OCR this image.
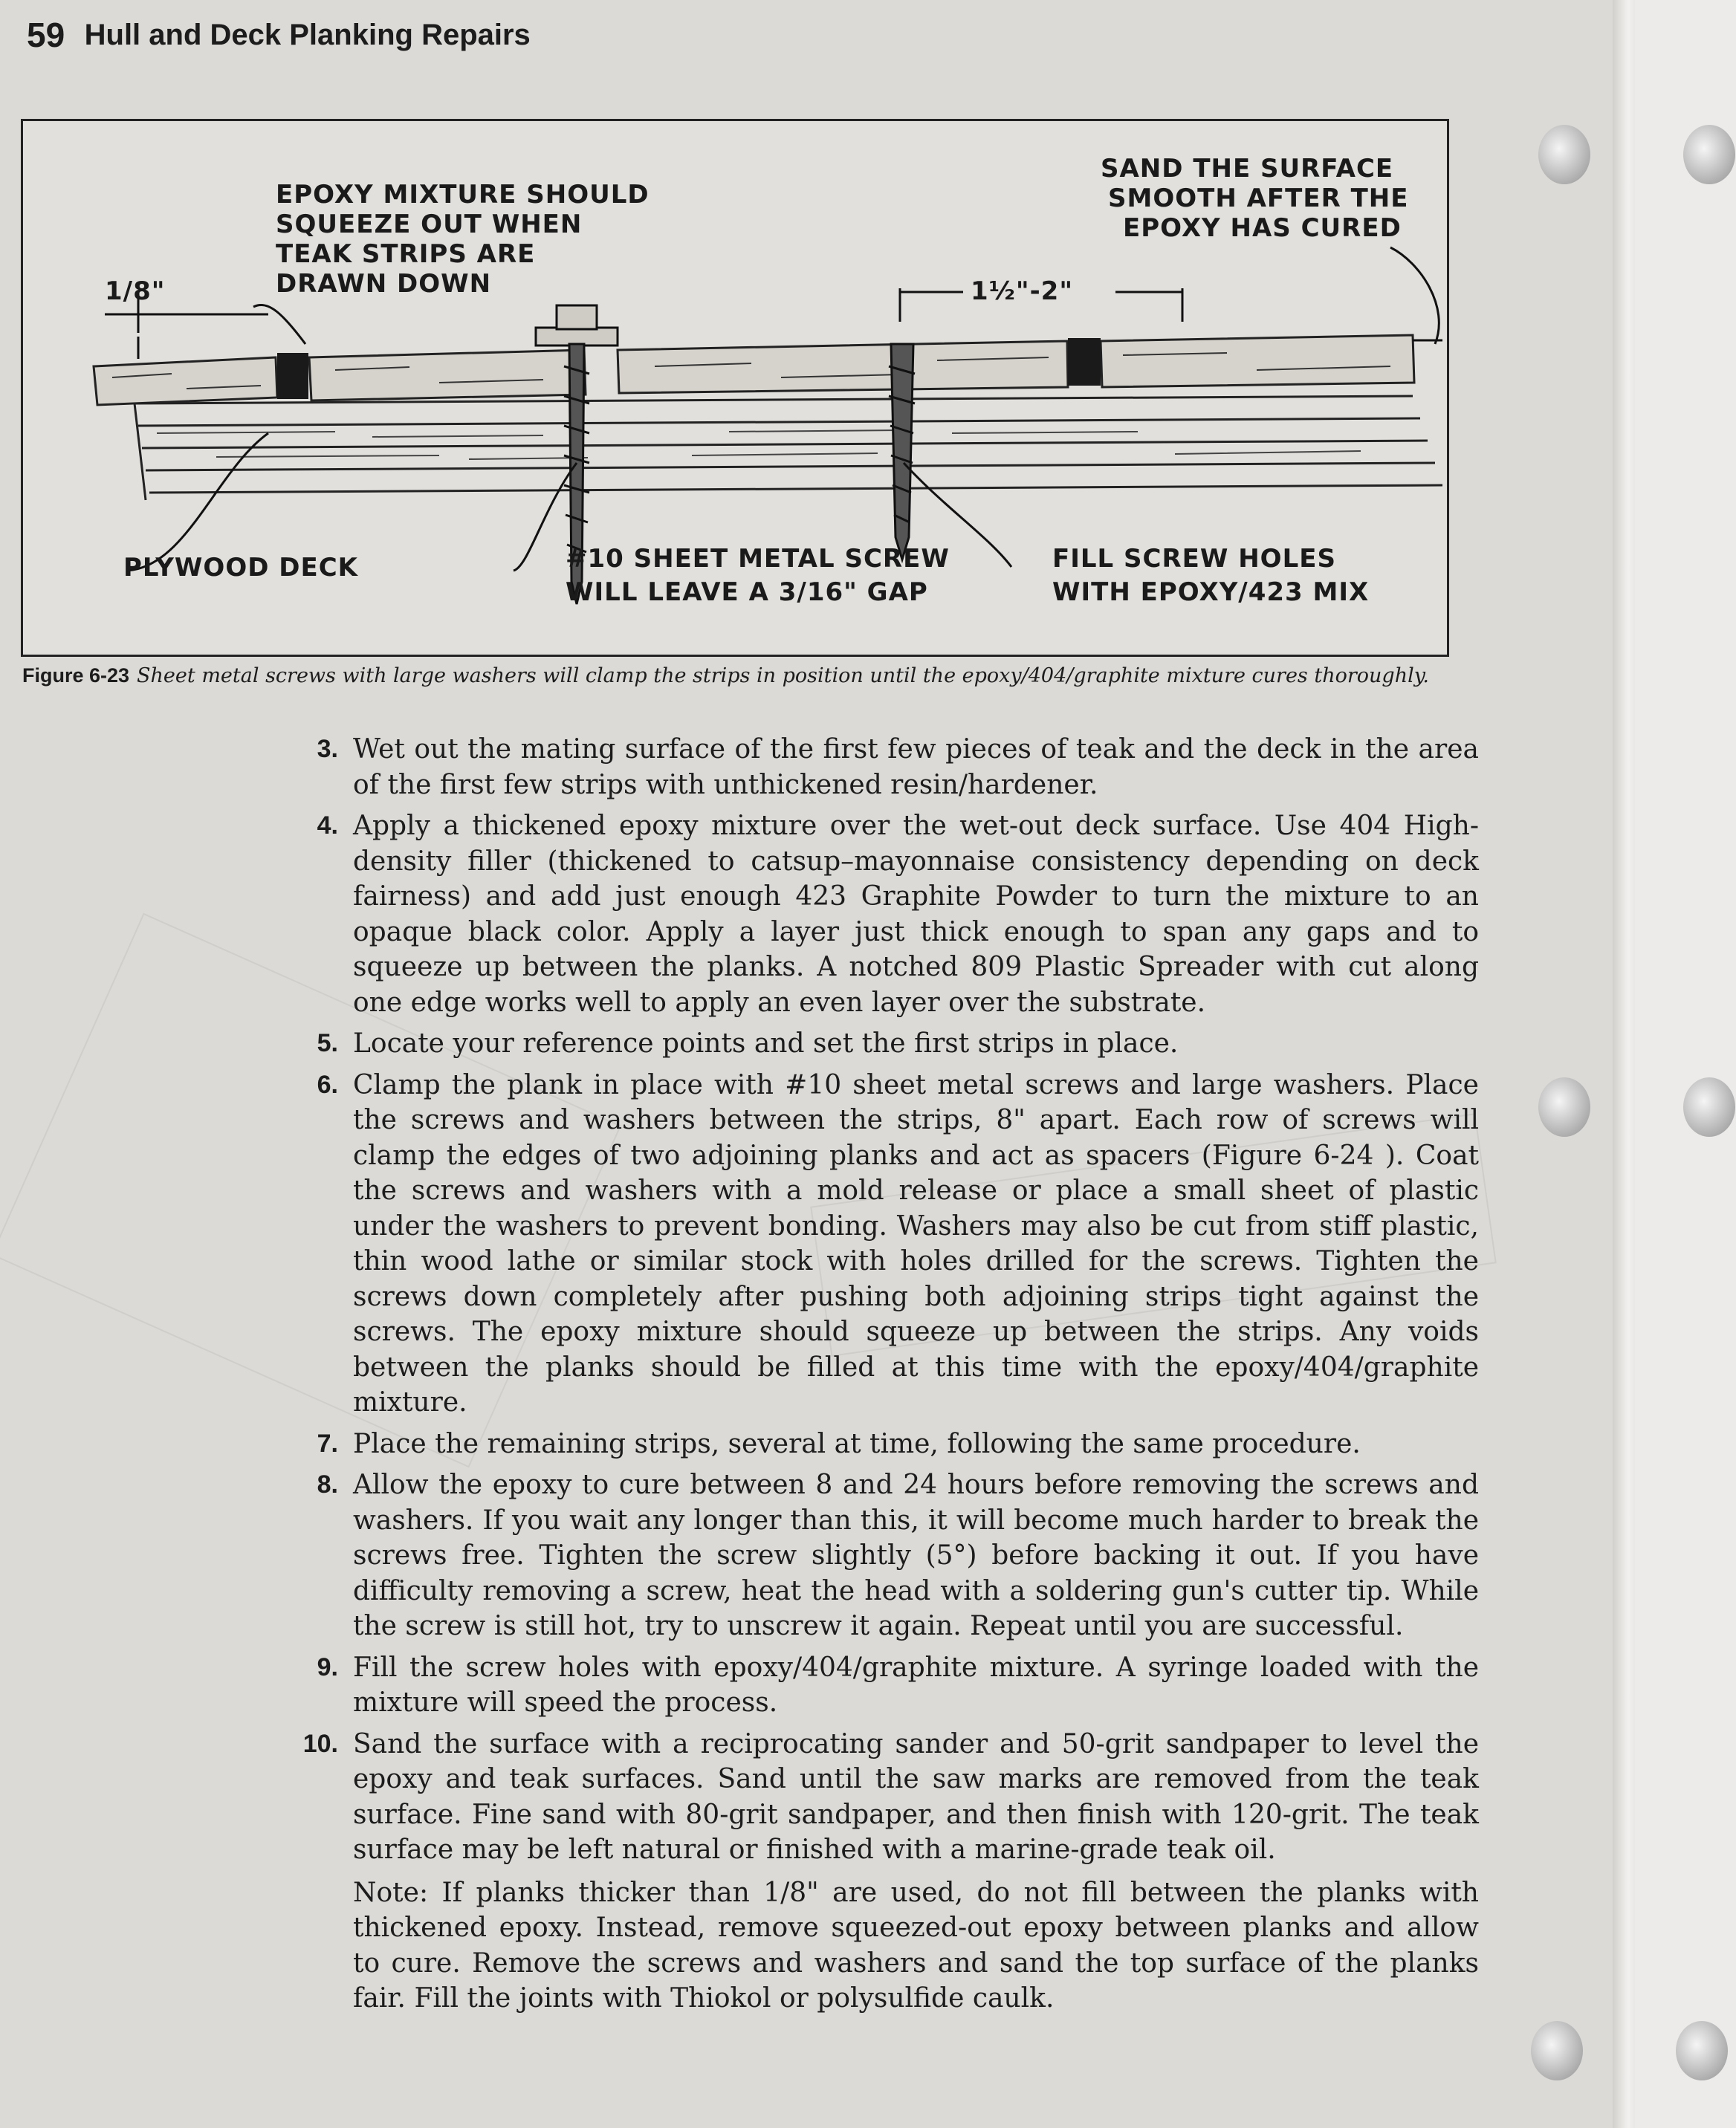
59 Hull and Deck Planking Repairs
EPOXY MIXTURE SHOULD
SQUEEZE OUT WHEN
TEAK STRIPS ARE
DRAWN DOWN
SAND THE SURFACE
SMOOTH AFTER THE
EPOXY HAS CURED
1/8"	1½"-2"
PLYWOOD DECK	#10 SHEET METAL SCREW
WILL LEAVE A 3/16" GAP
FILL SCREW HOLES
WITH EPOXY/423 MIX
Figure 6-23 Sheet metal screws with large washers will clamp the strips in position until the epoxy/404/graphite mixture cures thoroughly.
3. Wet out the mating surface of the first few pieces of teak and the deck in the area of the first few strips with unthickened resin/hardener.
4. Apply a thickened epoxy mixture over the wet-out deck surface. Use 404 High-density filler (thickened to catsup–mayonnaise consistency depending on deck fairness) and add just enough 423 Graphite Powder to turn the mixture to an opaque black color. Apply a layer just thick enough to span any gaps and to squeeze up between the planks. A notched 809 Plastic Spreader with cut along one edge works well to apply an even layer over the substrate.
5. Locate your reference points and set the first strips in place.
6. Clamp the plank in place with #10 sheet metal screws and large washers. Place the screws and washers between the strips, 8" apart. Each row of screws will clamp the edges of two adjoining planks and act as spacers (Figure 6-24 ). Coat the screws and washers with a mold release or place a small sheet of plastic under the washers to prevent bonding. Washers may also be cut from stiff plastic, thin wood lathe or similar stock with holes drilled for the screws. Tighten the screws down completely after pushing both adjoining strips tight against the screws. The epoxy mixture should squeeze up between the strips. Any voids between the planks should be filled at this time with the epoxy/404/graphite mixture.
7. Place the remaining strips, several at time, following the same procedure.
8. Allow the epoxy to cure between 8 and 24 hours before removing the screws and washers. If you wait any longer than this, it will become much harder to break the screws free. Tighten the screw slightly (5°) before backing it out. If you have difficulty removing a screw, heat the head with a soldering gun's cutter tip. While the screw is still hot, try to unscrew it again. Repeat until you are successful.
9. Fill the screw holes with epoxy/404/graphite mixture. A syringe loaded with the mixture will speed the process.
10. Sand the surface with a reciprocating sander and 50-grit sandpaper to level the epoxy and teak surfaces. Sand until the saw marks are removed from the teak surface. Fine sand with 80-grit sandpaper, and then finish with 120-grit. The teak surface may be left natural or finished with a marine-grade teak oil.
Note: If planks thicker than 1/8" are used, do not fill between the planks with thickened epoxy. Instead, remove squeezed-out epoxy between planks and allow to cure. Remove the screws and washers and sand the top surface of the planks fair. Fill the joints with Thiokol or polysulfide caulk.
